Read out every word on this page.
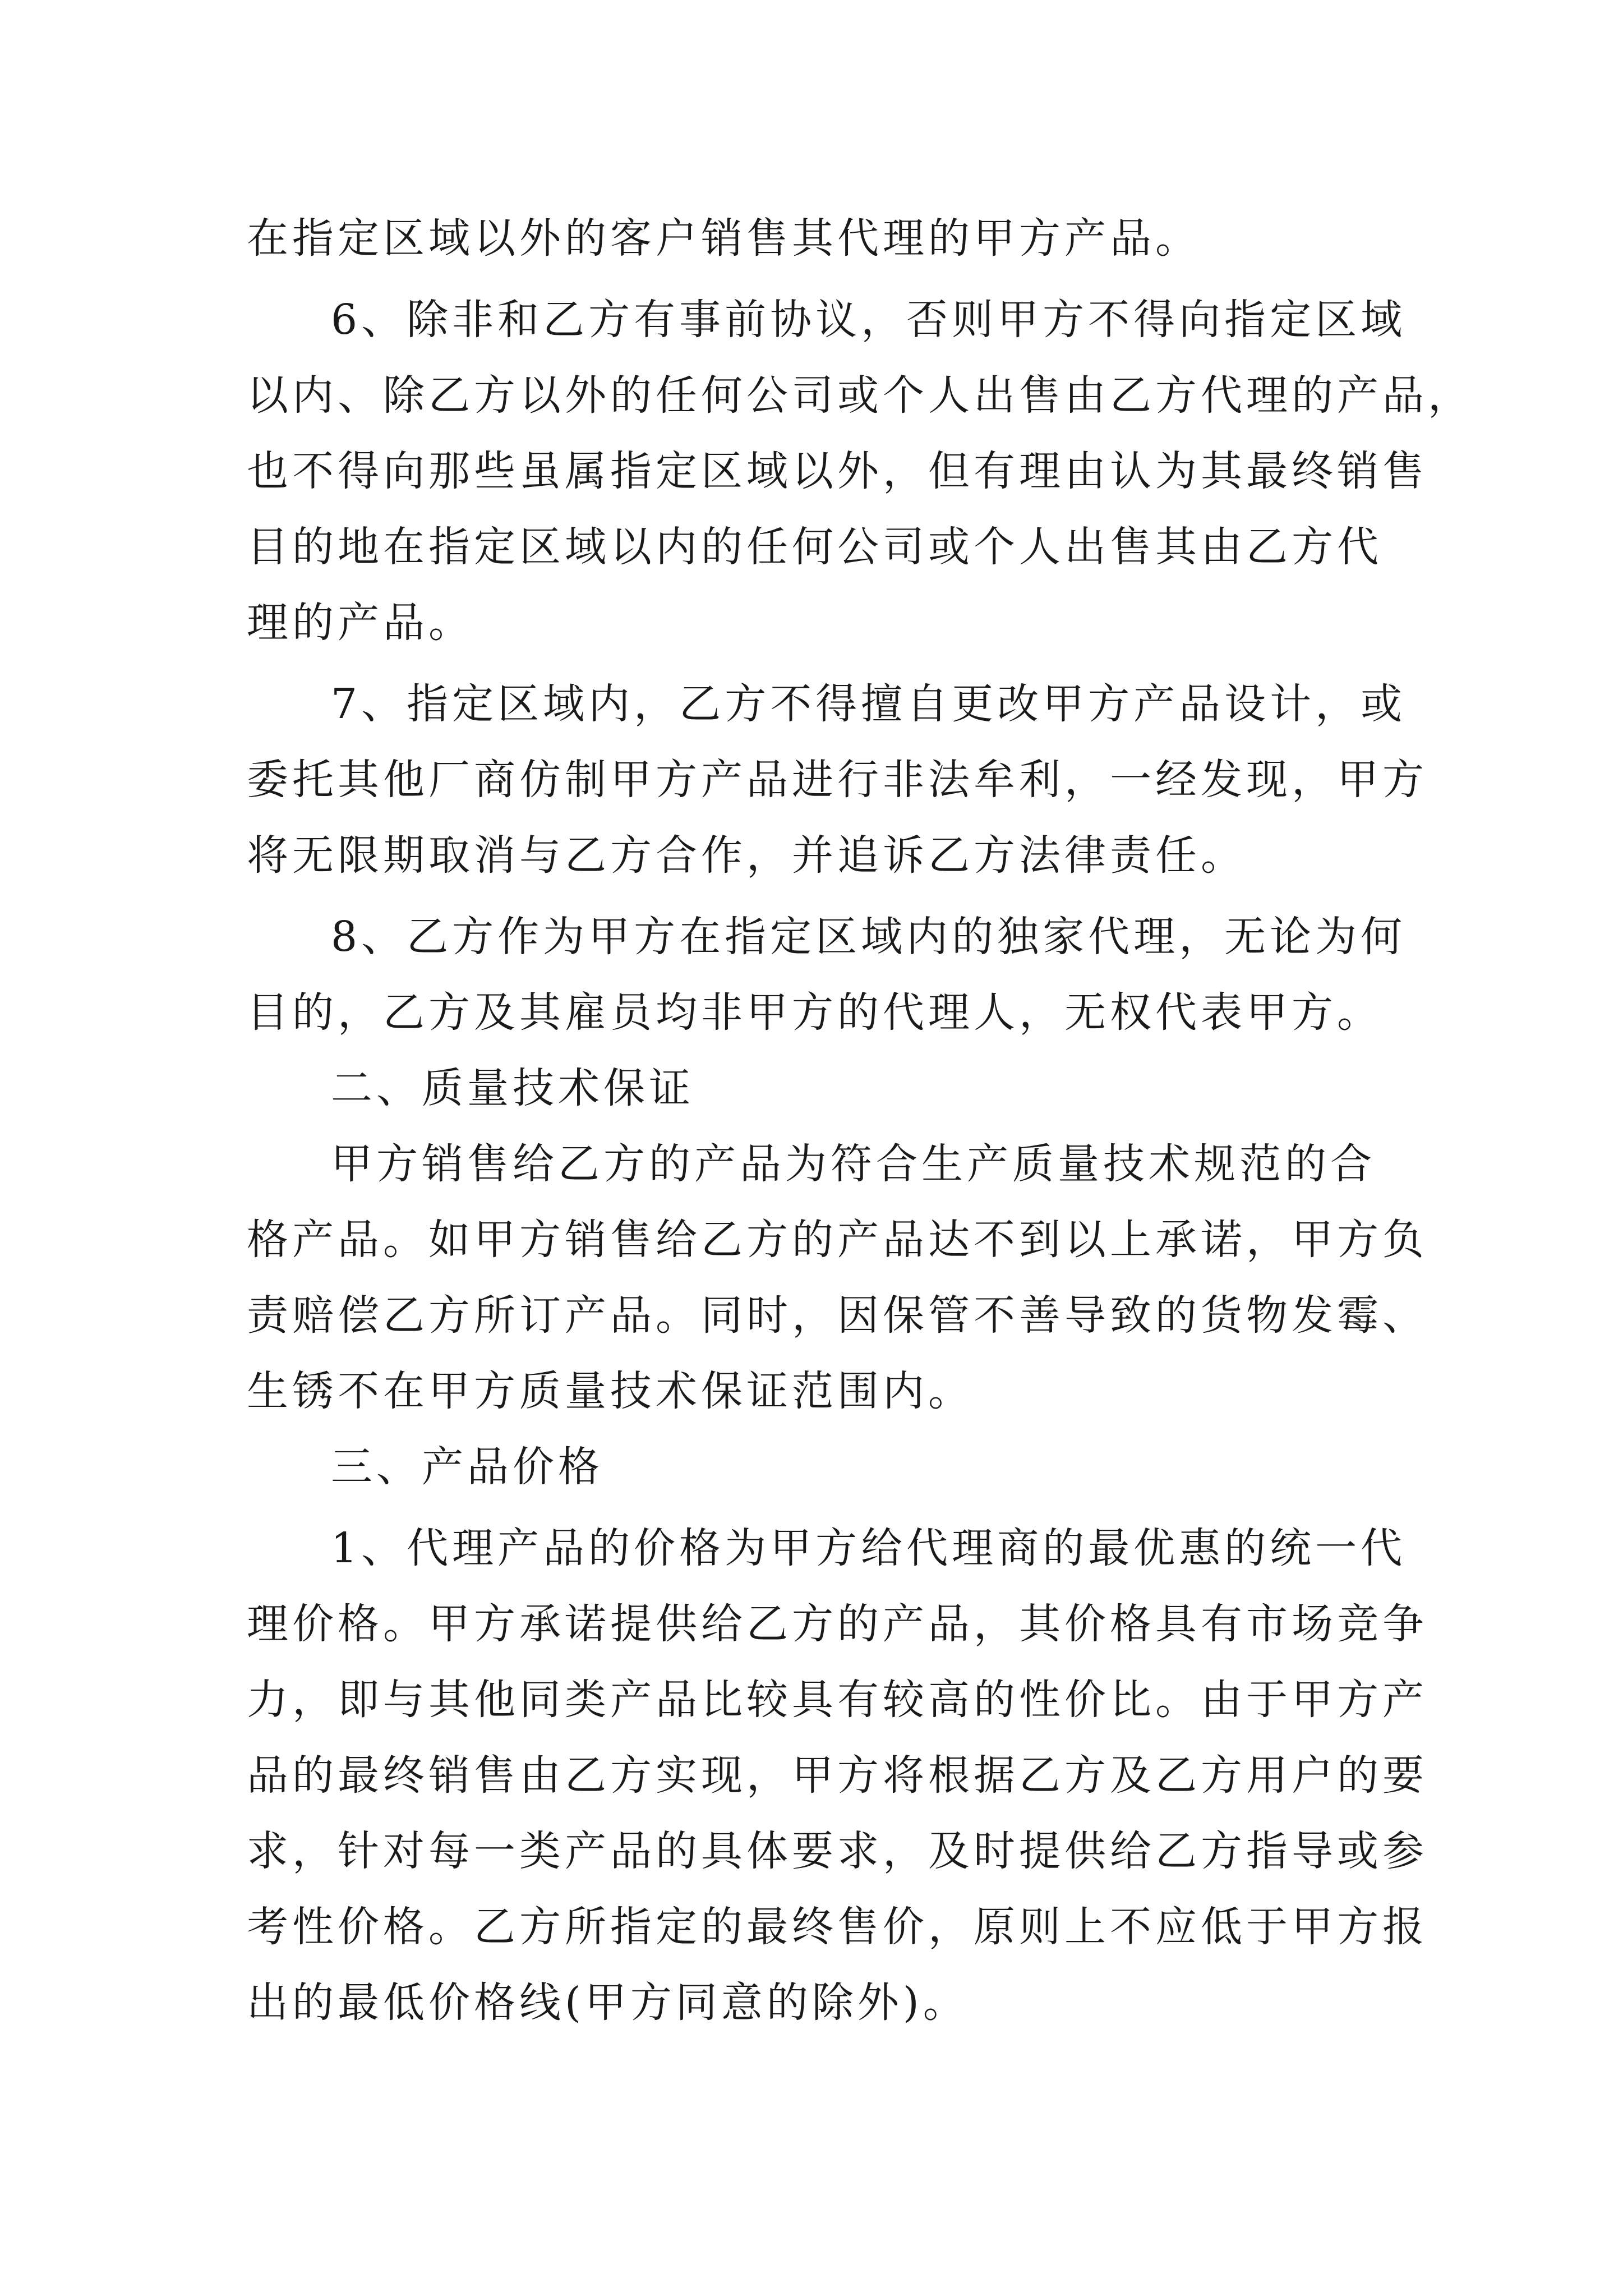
在指定区域以外的客户销售其代理的甲方产品。
6、除非和乙方有事前协议，否则甲方不得向指定区域
以内、除乙方以外的任何公司或个人出售由乙方代理的产品，
也不得向那些虽属指定区域以外，但有理由认为其最终销售
目的地在指定区域以内的任何公司或个人出售其由乙方代
理的产品。
7、指定区域内，乙方不得擅自更改甲方产品设计，或
委托其他厂商仿制甲方产品进行非法牟利，一经发现，甲方
将无限期取消与乙方合作，并追诉乙方法律责任。
8、乙方作为甲方在指定区域内的独家代理，无论为何
目的，乙方及其雇员均非甲方的代理人，无权代表甲方。
二、质量技术保证
甲方销售给乙方的产品为符合生产质量技术规范的合
格产品。如甲方销售给乙方的产品达不到以上承诺，甲方负
责赔偿乙方所订产品。同时，因保管不善导致的货物发霉、
生锈不在甲方质量技术保证范围内。
三、产品价格
1、代理产品的价格为甲方给代理商的最优惠的统一代
理价格。甲方承诺提供给乙方的产品，其价格具有市场竞争
力，即与其他同类产品比较具有较高的性价比。由于甲方产
品的最终销售由乙方实现，甲方将根据乙方及乙方用户的要
求，针对每一类产品的具体要求，及时提供给乙方指导或参
考性价格。乙方所指定的最终售价，原则上不应低于甲方报
出的最低价格线(甲方同意的除外)。
